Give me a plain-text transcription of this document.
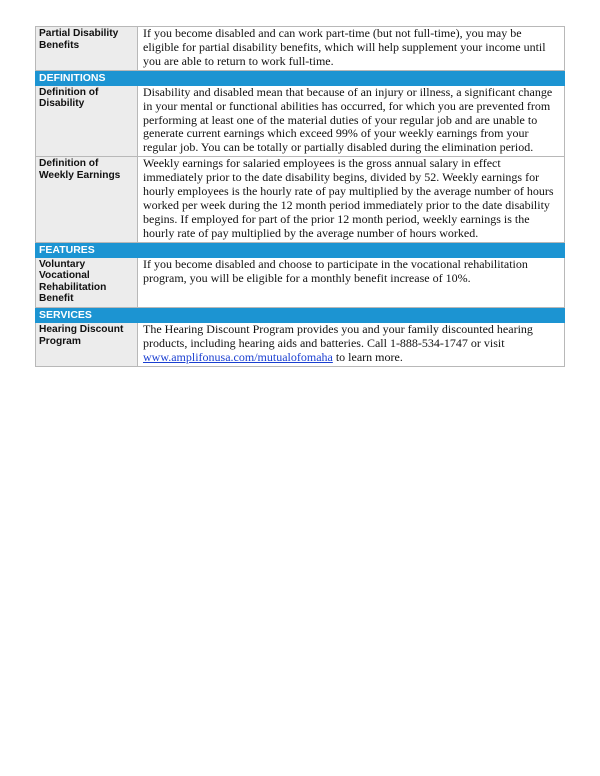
Partial Disability Benefits	If you become disabled and can work part-time (but not full-time), you may be eligible for partial disability benefits, which will help supplement your income until you are able to return to work full-time.
DEFINITIONS	
Definition of Disability	Disability and disabled mean that because of an injury or illness, a significant change in your mental or functional abilities has occurred, for which you are prevented from performing at least one of the material duties of your regular job and are unable to generate current earnings which exceed 99% of your weekly earnings from your regular job. You can be totally or partially disabled during the elimination period.
Definition of Weekly Earnings	Weekly earnings for salaried employees is the gross annual salary in effect immediately prior to the date disability begins, divided by 52. Weekly earnings for hourly employees is the hourly rate of pay multiplied by the average number of hours worked per week during the 12 month period immediately prior to the date disability begins. If employed for part of the prior 12 month period, weekly earnings is the hourly rate of pay multiplied by the average number of hours worked.
FEATURES	
Voluntary Vocational Rehabilitation Benefit	If you become disabled and choose to participate in the vocational rehabilitation program, you will be eligible for a monthly benefit increase of 10%.
SERVICES	
Hearing Discount Program	The Hearing Discount Program provides you and your family discounted hearing products, including hearing aids and batteries. Call 1-888-534-1747 or visit www.amplifonusa.com/mutualofomaha to learn more.
